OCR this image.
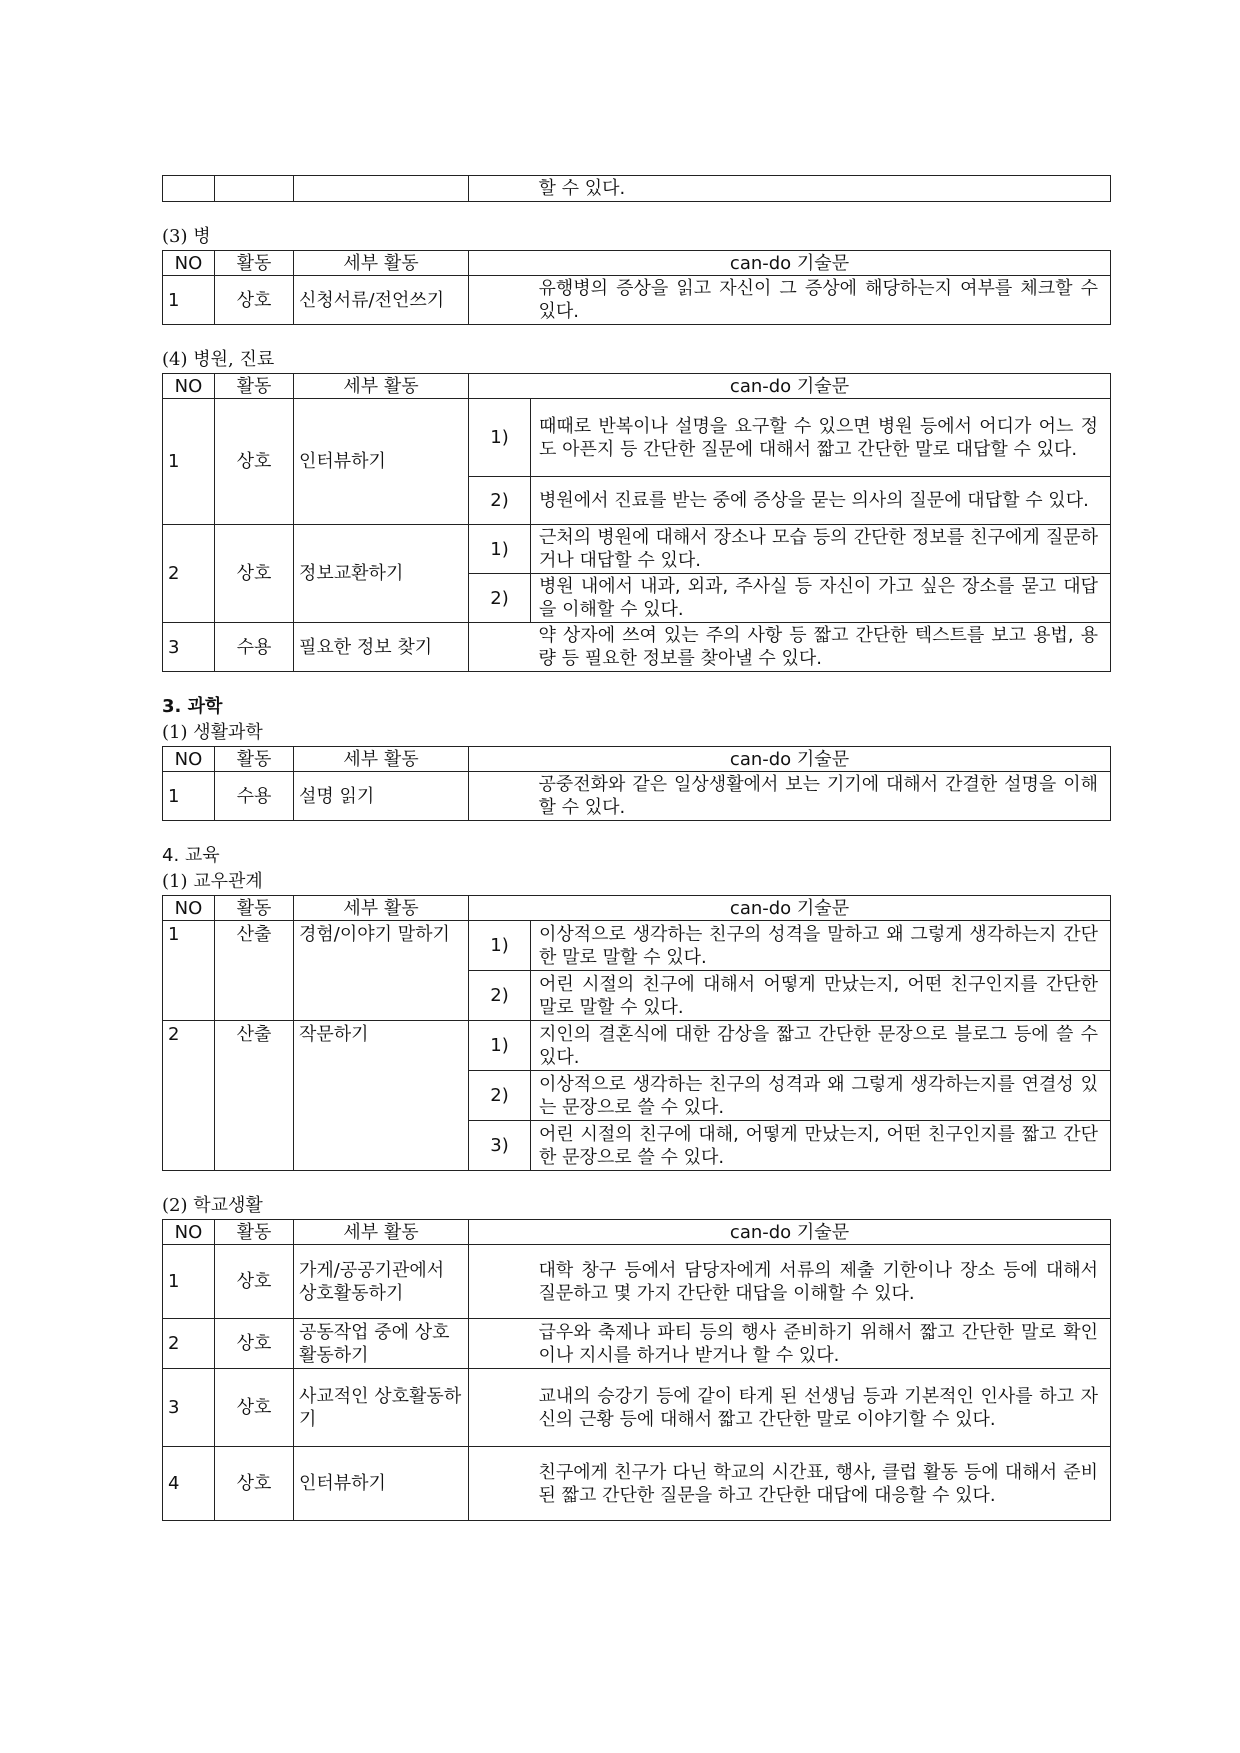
				할 수 있다.
(3) 병
NO	활동	세부 활동	can-do 기술문	
1	상호	신청서류/전언쓰기		유행병의 증상을 읽고 자신이 그 증상에 해당하는지 여부를 체크할 수 있다.
(4) 병원, 진료
NO	활동	세부 활동	can-do 기술문	
1	상호	인터뷰하기	1)	때때로 반복이나 설명을 요구할 수 있으면 병원 등에서 어디가 어느 정도 아픈지 등 간단한 질문에 대해서 짧고 간단한 말로 대답할 수 있다.
			2)	병원에서 진료를 받는 중에 증상을 묻는 의사의 질문에 대답할 수 있다.
2	상호	정보교환하기	1)	근처의 병원에 대해서 장소나 모습 등의 간단한 정보를 친구에게 질문하거나 대답할 수 있다.
			2)	병원 내에서 내과, 외과, 주사실 등 자신이 가고 싶은 장소를 묻고 대답을 이해할 수 있다.
3	수용	필요한 정보 찾기		약 상자에 쓰여 있는 주의 사항 등 짧고 간단한 텍스트를 보고 용법, 용량 등 필요한 정보를 찾아낼 수 있다.
3. 과학
(1) 생활과학
NO	활동	세부 활동	can-do 기술문	
1	수용	설명 읽기		공중전화와 같은 일상생활에서 보는 기기에 대해서 간결한 설명을 이해할 수 있다.
4. 교육
(1) 교우관계
NO	활동	세부 활동	can-do 기술문	
1	산출	경험/이야기 말하기	1)	이상적으로 생각하는 친구의 성격을 말하고 왜 그렇게 생각하는지 간단한 말로 말할 수 있다.
			2)	어린 시절의 친구에 대해서 어떻게 만났는지, 어떤 친구인지를 간단한 말로 말할 수 있다.
2	산출	작문하기	1)	지인의 결혼식에 대한 감상을 짧고 간단한 문장으로 블로그 등에 쓸 수 있다.
			2)	이상적으로 생각하는 친구의 성격과 왜 그렇게 생각하는지를 연결성 있는 문장으로 쓸 수 있다.
			3)	어린 시절의 친구에 대해, 어떻게 만났는지, 어떤 친구인지를 짧고 간단한 문장으로 쓸 수 있다.
(2) 학교생활
NO	활동	세부 활동	can-do 기술문	
1	상호	가게/공공기관에서 상호활동하기		대학 창구 등에서 담당자에게 서류의 제출 기한이나 장소 등에 대해서 질문하고 몇 가지 간단한 대답을 이해할 수 있다.
2	상호	공동작업 중에 상호활동하기		급우와 축제나 파티 등의 행사 준비하기 위해서 짧고 간단한 말로 확인이나 지시를 하거나 받거나 할 수 있다.
3	상호	사교적인 상호활동하기		교내의 승강기 등에 같이 타게 된 선생님 등과 기본적인 인사를 하고 자신의 근황 등에 대해서 짧고 간단한 말로 이야기할 수 있다.
4	상호	인터뷰하기		친구에게 친구가 다닌 학교의 시간표, 행사, 클럽 활동 등에 대해서 준비된 짧고 간단한 질문을 하고 간단한 대답에 대응할 수 있다.
